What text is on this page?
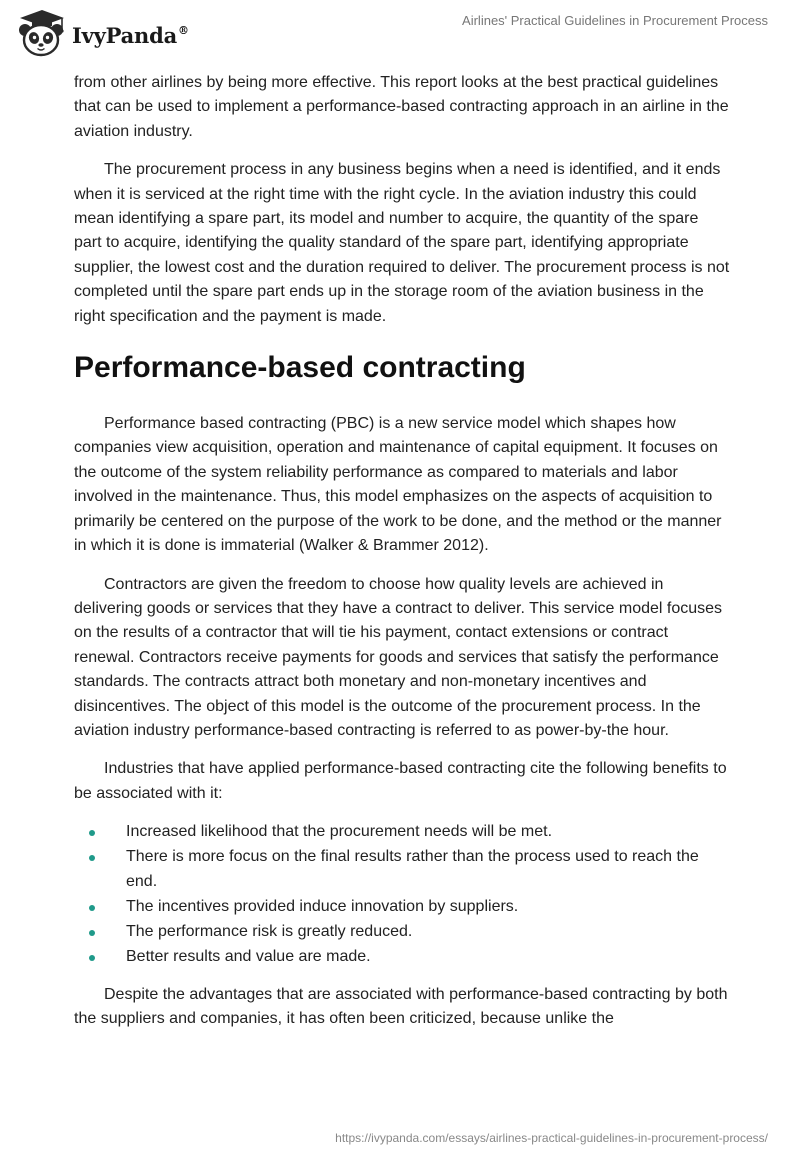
IvyPanda®
Airlines' Practical Guidelines in Procurement Process

from other airlines by being more effective. This report looks at the best practical guidelines that can be used to implement a performance-based contracting approach in an airline in the aviation industry.

The procurement process in any business begins when a need is identified, and it ends when it is serviced at the right time with the right cycle. In the aviation industry this could mean identifying a spare part, its model and number to acquire, the quantity of the spare part to acquire, identifying the quality standard of the spare part, identifying appropriate supplier, the lowest cost and the duration required to deliver. The procurement process is not completed until the spare part ends up in the storage room of the aviation business in the right specification and the payment is made.

Performance-based contracting

Performance based contracting (PBC) is a new service model which shapes how companies view acquisition, operation and maintenance of capital equipment. It focuses on the outcome of the system reliability performance as compared to materials and labor involved in the maintenance. Thus, this model emphasizes on the aspects of acquisition to primarily be centered on the purpose of the work to be done, and the method or the manner in which it is done is immaterial (Walker & Brammer 2012).

Contractors are given the freedom to choose how quality levels are achieved in delivering goods or services that they have a contract to deliver. This service model focuses on the results of a contractor that will tie his payment, contact extensions or contract renewal. Contractors receive payments for goods and services that satisfy the performance standards. The contracts attract both monetary and non-monetary incentives and disincentives. The object of this model is the outcome of the procurement process. In the aviation industry performance-based contracting is referred to as power-by-the hour.

Industries that have applied performance-based contracting cite the following benefits to be associated with it:

Increased likelihood that the procurement needs will be met.
There is more focus on the final results rather than the process used to reach the end.
The incentives provided induce innovation by suppliers.
The performance risk is greatly reduced.
Better results and value are made.

Despite the advantages that are associated with performance-based contracting by both the suppliers and companies, it has often been criticized, because unlike the

https://ivypanda.com/essays/airlines-practical-guidelines-in-procurement-process/
